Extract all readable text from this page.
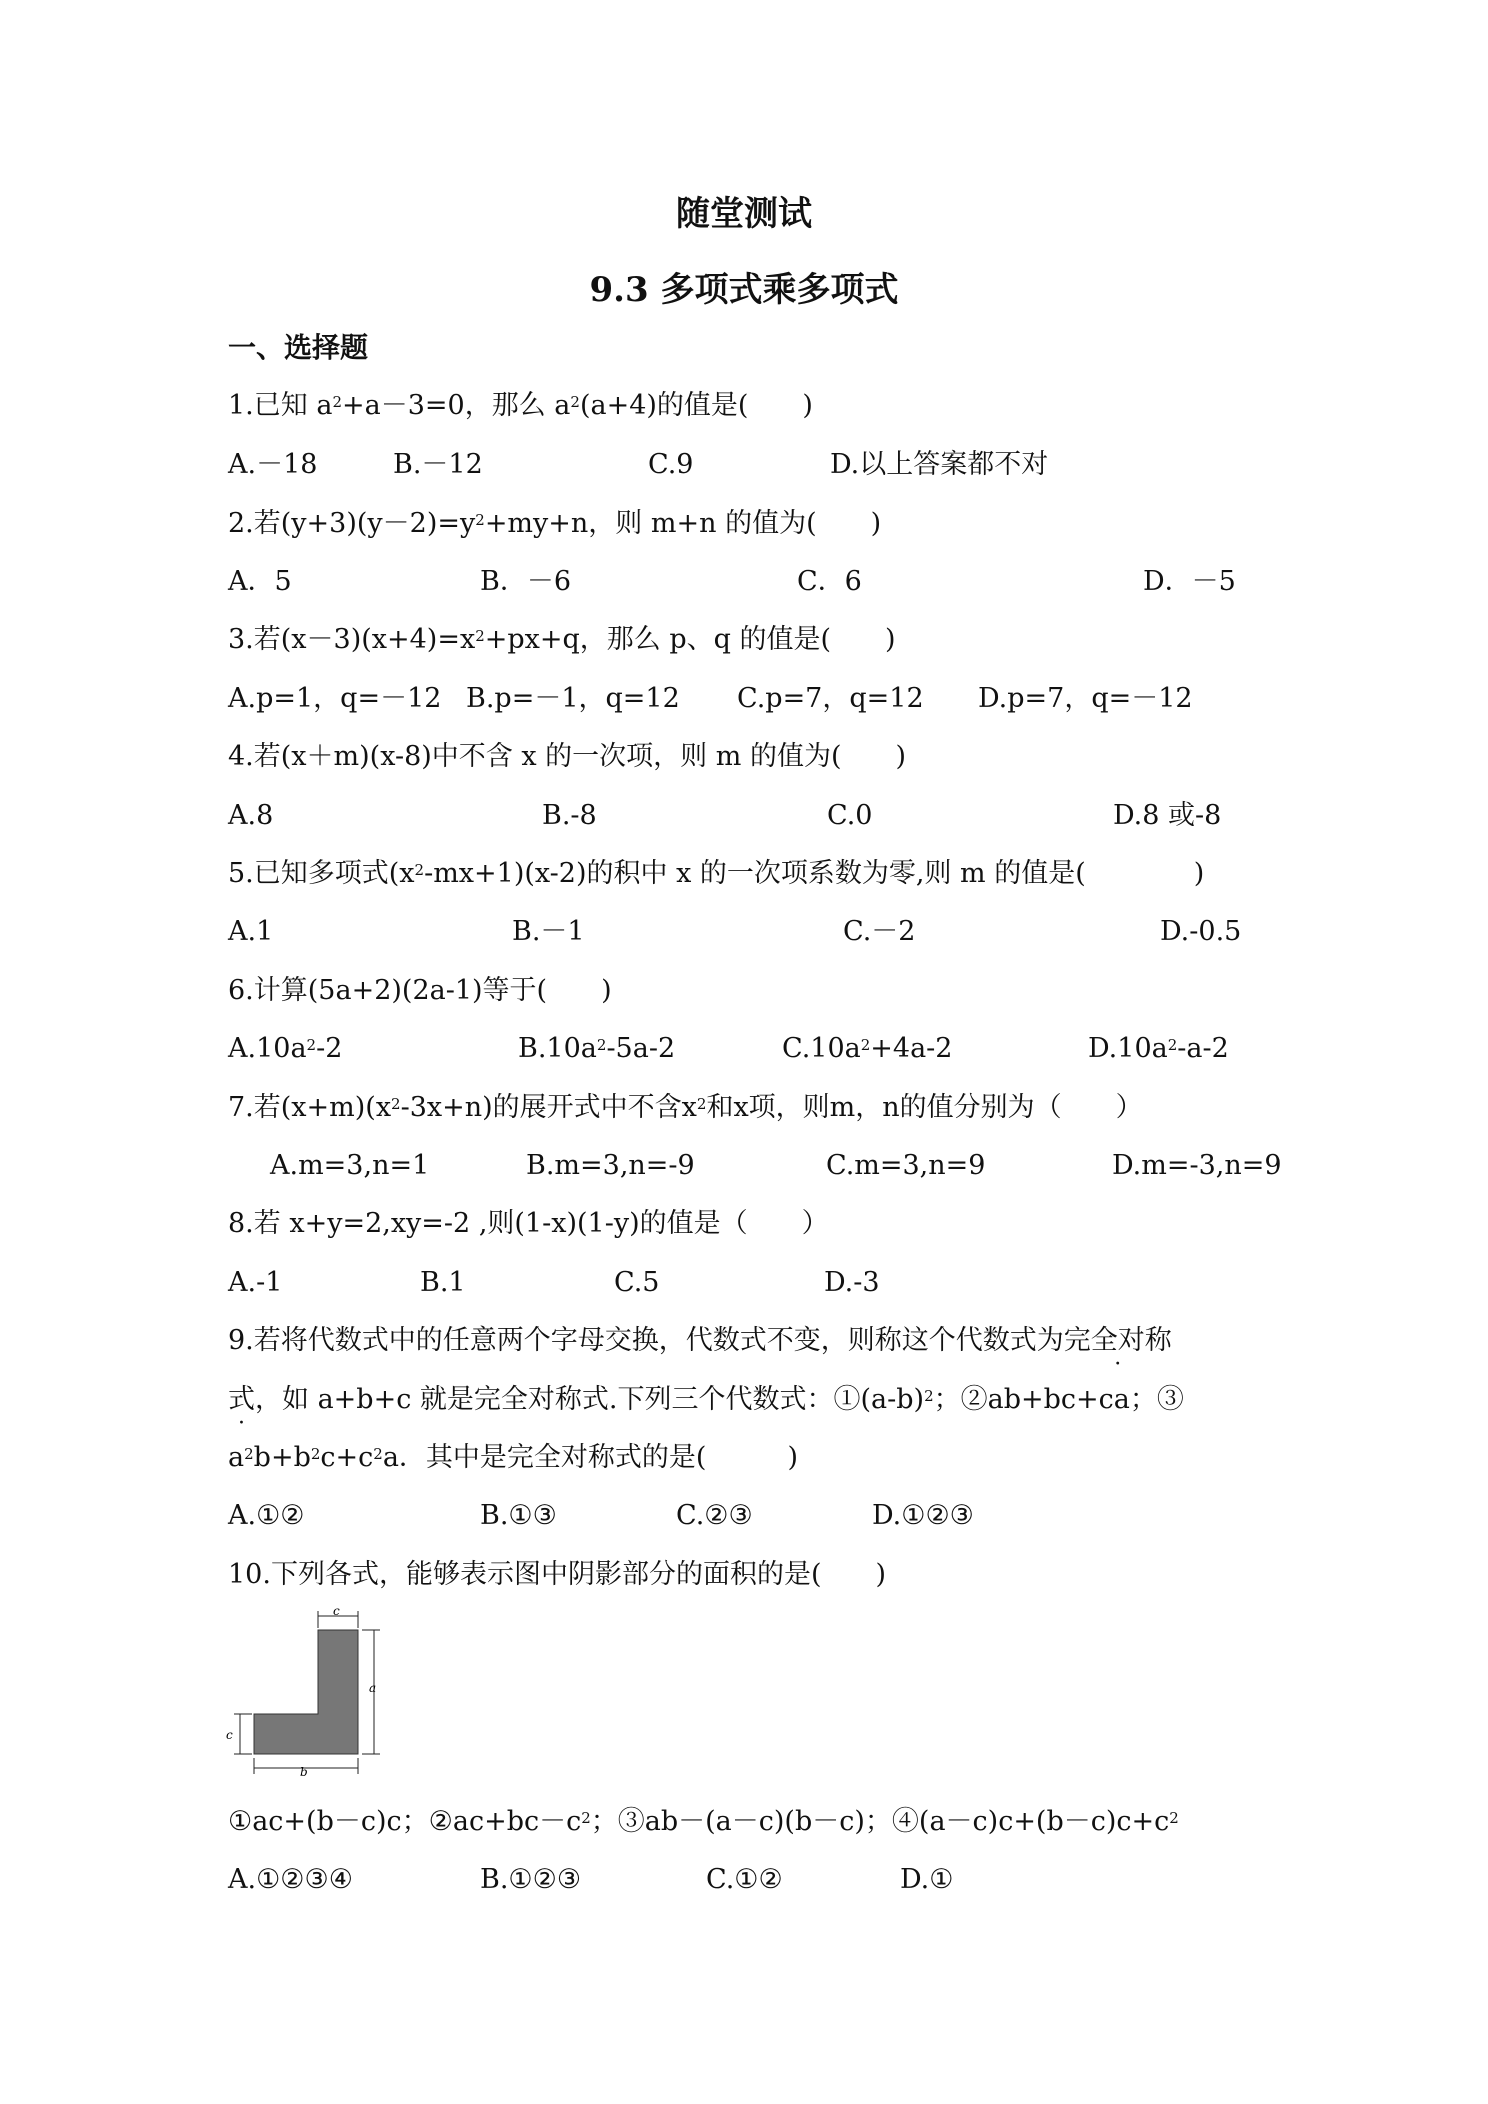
随堂测试
9.3 多项式乘多项式
一、选择题
1.已知 $a^2+a-3=0$，那么 $a^2(a+4)$的值是(　　)
A.－18	B.－12	C.9	D.以上答案都不对
2.若$(y+3)(y-2)=y^2+my+n$，则 m+n 的值为(　　)
A．5	B．－6	C．6	D．－5
3.若$(x-3)(x+4)=x^2+px+q$，那么 p、q 的值是(　　)
A.p=1，q=－12 B.p=－1，q=12 C.p=7，q=12 D.p=7，q=－12
4.若(x＋m)(x-8)中不含 x 的一次项，则 m 的值为(　　)
A.8	B.-8	C.0	D.8 或-8
5.已知多项式$(x^2-mx+1)(x-2)$的积中 x 的一次项系数为零,则 m 的值是(　　　　)
A.1	B.－1	C.－2	D.-0.5
6.计算(5a+2)(2a-1)等于(　　)
$A.10a^2-2$	$B.10a^2-5a-2$	$C.10a^2+4a-2$	$D.10a^2-a-2$
7.若$(x+m)(x^2-3x+n)$的展开式中不含$x^2$和x项，则m，n的值分别为（　　）
A.m=3,n=1	B.m=3,n=-9	C.m=3,n=9	D.m=-3,n=9
8.若 x+y=2,xy=-2 ,则(1-x)(1-y)的值是（　　）
A.-1	B.1	C.5	D.-3
9.若将代数式中的任意两个字母交换，代数式不变，则称这个代数式为完全对称
式，如 a+b+c 就是完全对称式.下列三个代数式：$①(a-b)^2$；②ab+bc+ca；③
$a^2b+b^2c+c^2a$．其中是完全对称式的是(　　　)
A.①②	B.①③	C.②③	D.①②③
10.下列各式，能够表示图中阴影部分的面积的是(　　)
c
a
c
b
①ac+(b－c)c；$②ac+bc-c^2$；③ab－(a－c)(b－c)；$④(a-c)c+(b-c)c+c^2$
A.①②③④	B.①②③	C.①②	D.①
